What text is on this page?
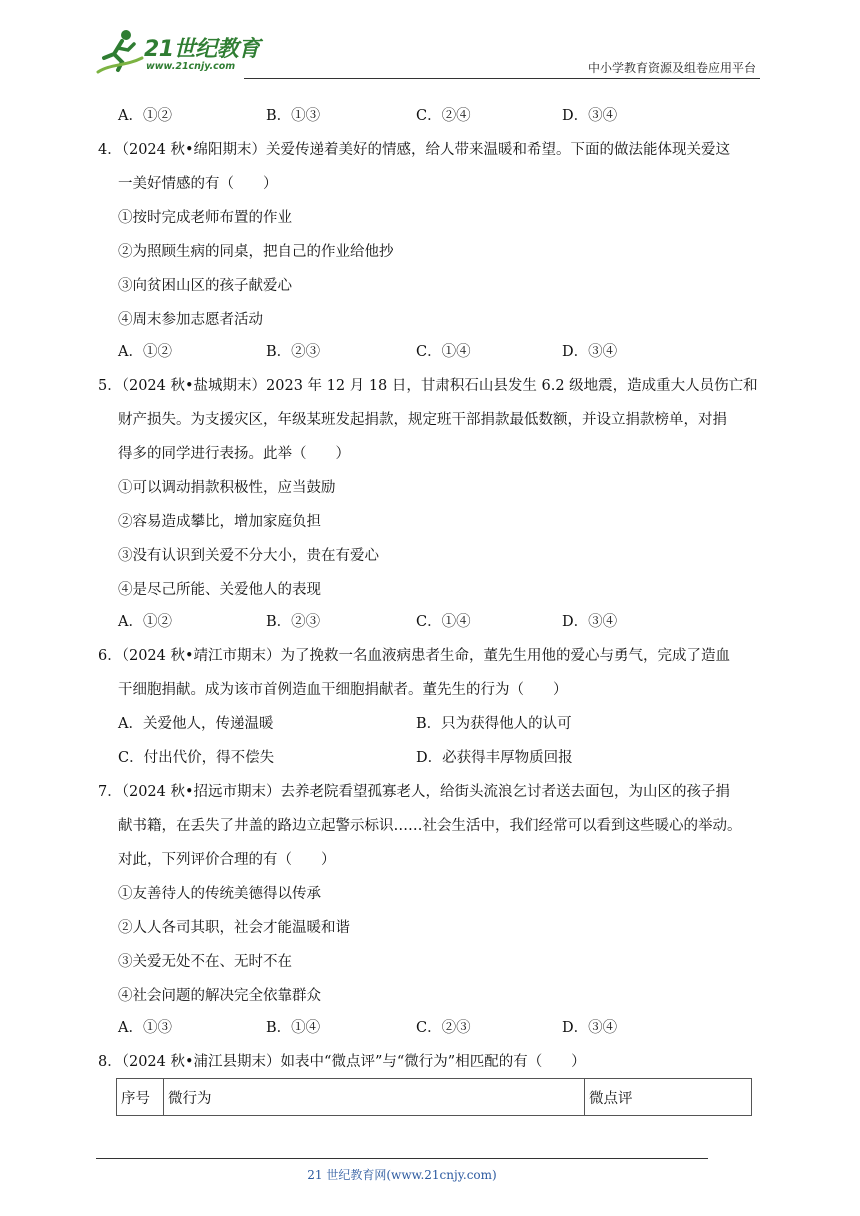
21世纪教育
www.21cnjy.com	中小学教育资源及组卷应用平台
A．①②	B．①③	C．②④	D．③④
4．（2024 秋•绵阳期末）关爱传递着美好的情感，给人带来温暖和希望。下面的做法能体现关爱这
一美好情感的有（　　）
①按时完成老师布置的作业
②为照顾生病的同桌，把自己的作业给他抄
③向贫困山区的孩子献爱心
④周末参加志愿者活动
A．①②	B．②③	C．①④	D．③④
5．（2024 秋•盐城期末）2023 年 12 月 18 日，甘肃积石山县发生 6.2 级地震，造成重大人员伤亡和
财产损失。为支援灾区，年级某班发起捐款，规定班干部捐款最低数额，并设立捐款榜单，对捐
得多的同学进行表扬。此举（　　）
①可以调动捐款积极性，应当鼓励
②容易造成攀比，增加家庭负担
③没有认识到关爱不分大小，贵在有爱心
④是尽己所能、关爱他人的表现
A．①②	B．②③	C．①④	D．③④
6．（2024 秋•靖江市期末）为了挽救一名血液病患者生命，董先生用他的爱心与勇气，完成了造血
干细胞捐献。成为该市首例造血干细胞捐献者。董先生的行为（　　）
A．关爱他人，传递温暖	B．只为获得他人的认可
C．付出代价，得不偿失	D．必获得丰厚物质回报
7．（2024 秋•招远市期末）去养老院看望孤寡老人，给街头流浪乞讨者送去面包，为山区的孩子捐
献书籍，在丢失了井盖的路边立起警示标识……社会生活中，我们经常可以看到这些暖心的举动。
对此，下列评价合理的有（　　）
①友善待人的传统美德得以传承
②人人各司其职，社会才能温暖和谐
③关爱无处不在、无时不在
④社会问题的解决完全依靠群众
A．①③	B．①④	C．②③	D．③④
8．（2024 秋•浦江县期末）如表中“微点评”与“微行为”相匹配的有（　　）
序号	微行为	微点评
21 世纪教育网(www.21cnjy.com)
